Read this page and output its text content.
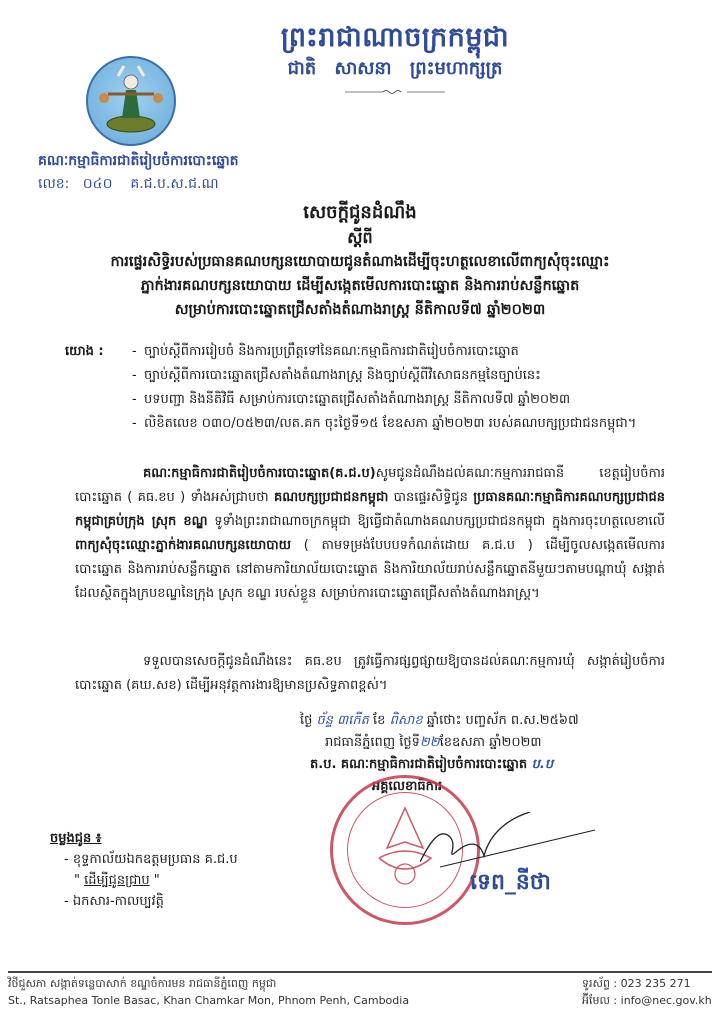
ព្រះរាជាណាចក្រកម្ពុជា
ជាតិ សាសនា ព្រះមហាក្សត្រ
គណៈកម្មាធិការជាតិរៀបចំការបោះឆ្នោត
លេខ: ០៤០ គ.ជ.ប.ស.ជ.ណ
សេចក្តីជូនដំណឹង
ស្តីពី
ការផ្ទេរសិទ្ធិរបស់ប្រធានគណបក្សនយោបាយជូនតំណាងដើម្បីចុះហត្ថលេខាលើពាក្យសុំចុះឈ្មោះ
ភ្នាក់ងារគណបក្សនយោបាយ ដើម្បីសង្កេតមើលការបោះឆ្នោត និងការរាប់សន្លឹកឆ្នោត
សម្រាប់ការបោះឆ្នោតជ្រើសតាំងតំណាងរាស្ត្រ នីតិកាលទី៧ ឆ្នាំ២០២៣
យោង :	- ច្បាប់ស្តីពីការរៀបចំ និងការប្រព្រឹត្តទៅនៃគណៈកម្មាធិការជាតិរៀបចំការបោះឆ្នោត
- ច្បាប់ស្តីពីការបោះឆ្នោតជ្រើសតាំងតំណាងរាស្ត្រ និងច្បាប់ស្តីពីវិសោធនកម្មនៃច្បាប់នេះ
- បទបញ្ជា និងនីតិវិធី សម្រាប់ការបោះឆ្នោតជ្រើសតាំងតំណាងរាស្ត្រ នីតិកាលទី៧ ឆ្នាំ២០២៣
- លិខិតលេខ ០៣០/០៥២៣/លត.គក ចុះថ្ងៃទី១៥ ខែឧសភា ឆ្នាំ២០២៣ របស់គណបក្សប្រជាជនកម្ពុជា។
គណៈកម្មាធិការជាតិរៀបចំការបោះឆ្នោត(គ.ជ.ប)សូមជូនដំណឹងដល់គណៈកម្មការរាជធានី ខេត្តរៀបចំការបោះឆ្នោត ( គធ.ខប ) ទាំងអស់ជ្រាបថា គណបក្សប្រជាជនកម្ពុជា បានផ្ទេរសិទ្ធិជូន ប្រធានគណៈកម្មាធិការគណបក្សប្រជាជនកម្ពុជាគ្រប់ក្រុង ស្រុក ខណ្ឌ ទូទាំងព្រះរាជាណាចក្រកម្ពុជា ឱ្យធ្វើជាតំណាងគណបក្សប្រជាជនកម្ពុជា ក្នុងការចុះហត្ថលេខាលើ ពាក្យសុំចុះឈ្មោះភ្នាក់ងារគណបក្សនយោបាយ ( តាមទម្រង់បែបបទកំណត់ដោយ គ.ជ.ប ) ដើម្បីចូលសង្កេតមើលការបោះឆ្នោត និងការរាប់សន្លឹកឆ្នោត នៅតាមការិយាល័យបោះឆ្នោត និងការិយាល័យរាប់សន្លឹកឆ្នោតនីមួយៗតាមបណ្តាឃុំ សង្កាត់ ដែលស្ថិតក្នុងក្របខណ្ឌនៃក្រុង ស្រុក ខណ្ឌ របស់ខ្លួន សម្រាប់ការបោះឆ្នោតជ្រើសតាំងតំណាងរាស្ត្រ។
ទទួលបានសេចក្តីជូនដំណឹងនេះ គធ.ខប ត្រូវធ្វើការផ្សព្វផ្សាយឱ្យបានដល់គណៈកម្មការឃុំ សង្កាត់រៀបចំការបោះឆ្នោត (គឃ.សខ) ដើម្បីអនុវត្តការងារឱ្យមានប្រសិទ្ធភាពខ្ពស់។
ថ្ងៃ ច័ន្ទ ៣កើត ខែ ពិសាខ ឆ្នាំថោះ បញ្ចស័ក ព.ស.២៥៦៧
រាជធានីភ្នំពេញ ថ្ងៃទី២២ខែឧសភា ឆ្នាំ២០២៣
ត.ប. គណៈកម្មាធិការជាតិរៀបចំការបោះឆ្នោត ប.ប
អគ្គលេខាធិការ
ទេព_នីថា
ចម្លងជូន ៖
- ខុទ្ទកាល័យឯកឧត្តមប្រធាន គ.ជ.ប
" ដើម្បីជូនជ្រាប "
- ឯកសារ-កាលប្បវត្តិ
វិថីជួសភា សង្កាត់ទន្លេបាសាក់ ខណ្ឌចំការមន រាជធានីភ្នំពេញ កម្ពុជា
St., Ratsaphea Tonle Basac, Khan Chamkar Mon, Phnom Penh, Cambodia
ទូរស័ព្ទ : 023 235 271
អ៊ីមែល : info@nec.gov.kh
